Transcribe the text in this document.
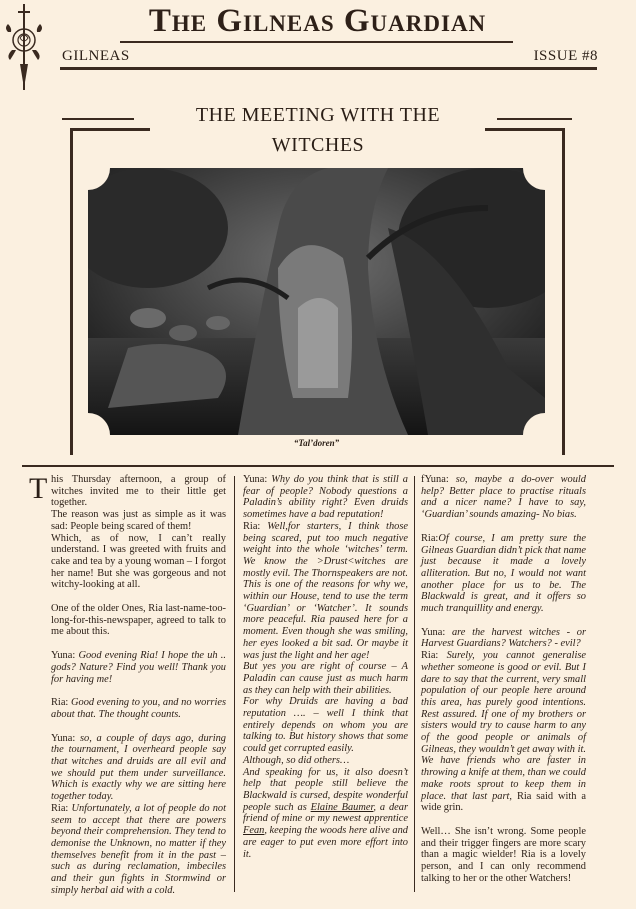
The Gilneas Guardian
GILNEAS	ISSUE #8
THE MEETING WITH THE
WITCHES
“Tal’doren”

T his Thursday afternoon, a group of witches invited me to their little get together.
The reason was just as simple as it was sad: People being scared of them!
Which, as of now, I can’t really understand. I was greeted with fruits and cake and tea by a young woman – I forgot her name! But she was gorgeous and not witchy-looking at all.

One of the older Ones, Ria last-name-too-long-for-this-newspaper, agreed to talk to me about this.

Yuna: Good evening Ria! I hope the uh .. gods? Nature? Find you well! Thank you for having me!

Ria: Good evening to you, and no worries about that. The thought counts.

Yuna: so, a couple of days ago, during the tournament, I overheard people say that witches and druids are all evil and we should put them under surveillance. Which is exactly why we are sitting here together today.

Ria: Unfortunately, a lot of people do not seem to accept that there are powers beyond their comprehension. They tend to demonise the Unknown, no matter if they themselves benefit from it in the past – such as during reclamation, imbeciles and their gun fights in Stormwind or simply herbal aid with a cold.

Yuna: Why do you think that is still a fear of people? Nobody questions a Paladin’s ability right? Even druids sometimes have a bad reputation!
Ria: Well,for starters, I think those being scared, put too much negative weight into the whole ‘witches’ term. We know the >Drust<witches are mostly evil. The Thornspeakers are not. This is one of the reasons for why we, within our House, tend to use the term ‘Guardian’ or ‘Watcher’. It sounds more peaceful. Ria paused here for a moment. Even though she was smiling, her eyes looked a bit sad. Or maybe it was just the light and her age!
But yes you are right of course – A Paladin can cause just as much harm as they can help with their abilities.
For why Druids are having a bad reputation …. – well I think that entirely depends on whom you are talking to. But history shows that some could get corrupted easily.
Although, so did others…
And speaking for us, it also doesn’t help that people still believe the Blackwald is cursed, despite wonderful people such as Elaine Baumer, a dear friend of mine or my newest apprentice Fean, keeping the woods here alive and are eager to put even more effort into it.

fYuna: so, maybe a do-over would help? Better place to practise rituals and a nicer name? I have to say, ‘Guardian’ sounds amazing- No bias.

Ria:Of course, I am pretty sure the Gilneas Guardian didn’t pick that name just because it made a lovely alliteration. But no, I would not want another place for us to be. The Blackwald is great, and it offers so much tranquillity and energy.

Yuna: are the harvest witches - or Harvest Guardians? Watchers? - evil?

Ria: Surely, you cannot generalise whether someone is good or evil. But I dare to say that the current, very small population of our people here around this area, has purely good intentions. Rest assured. If one of my brothers or sisters would try to cause harm to any of the good people or animals of Gilneas, they wouldn’t get away with it. We have friends who are faster in throwing a knife at them, than we could make roots sprout to keep them in place. that last part, Ria said with a wide grin.

Well… She isn’t wrong. Some people and their trigger fingers are more scary than a magic wielder! Ria is a lovely person, and I can only recommend talking to her or the other Watchers!
